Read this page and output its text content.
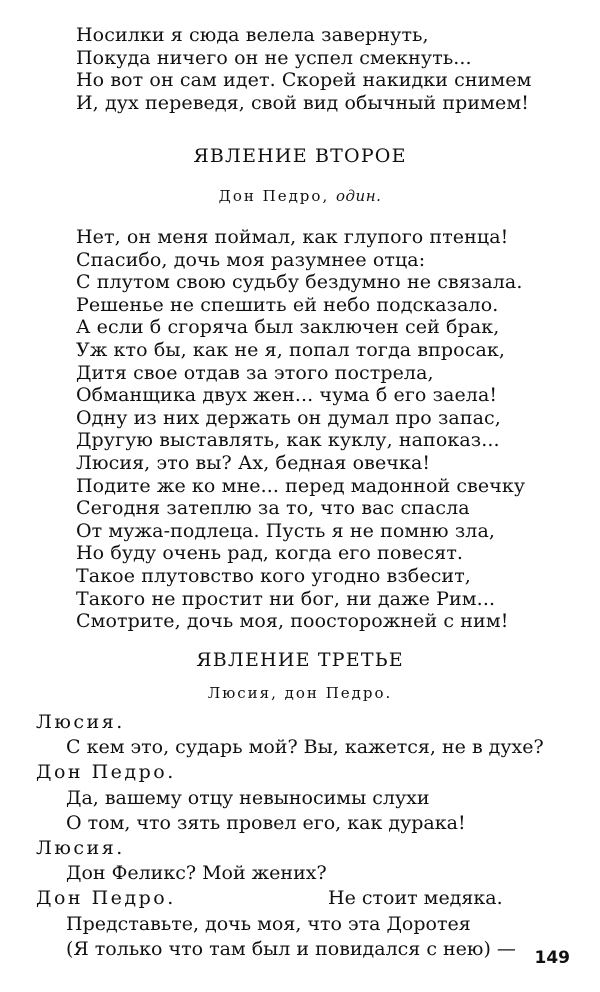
Носилки я сюда велела завернуть,
Покуда ничего он не успел смекнуть...
Но вот он сам идет. Скорей накидки снимем
И, дух переведя, свой вид обычный примем!
ЯВЛЕНИЕ ВТОРОЕ
Дон Педро, один.
Нет, он меня поймал, как глупого птенца!
Спасибо, дочь моя разумнее отца:
С плутом свою судьбу бездумно не связала.
Решенье не спешить ей небо подсказало.
А если б сгоряча был заключен сей брак,
Уж кто бы, как не я, попал тогда впросак,
Дитя свое отдав за этого пострела,
Обманщика двух жен... чума б его заела!
Одну из них держать он думал про запас,
Другую выставлять, как куклу, напоказ...
Люсия, это вы? Ах, бедная овечка!
Подите же ко мне... перед мадонной свечку
Сегодня затеплю за то, что вас спасла
От мужа-подлеца. Пусть я не помню зла,
Но буду очень рад, когда его повесят.
Такое плутовство кого угодно взбесит,
Такого не простит ни бог, ни даже Рим...
Смотрите, дочь моя, поосторожней с ним!
ЯВЛЕНИЕ ТРЕТЬЕ
Люсия, дон Педро.
Люсия.
С кем это, сударь мой? Вы, кажется, не в духе?
Дон Педро.
Да, вашему отцу невыносимы слухи
О том, что зять провел его, как дурака!
Люсия.
Дон Феликс? Мой жених?
Дон Педро.	Не стоит медяка.
Представьте, дочь моя, что эта Доротея
(Я только что там был и повидался с нею) —	149
